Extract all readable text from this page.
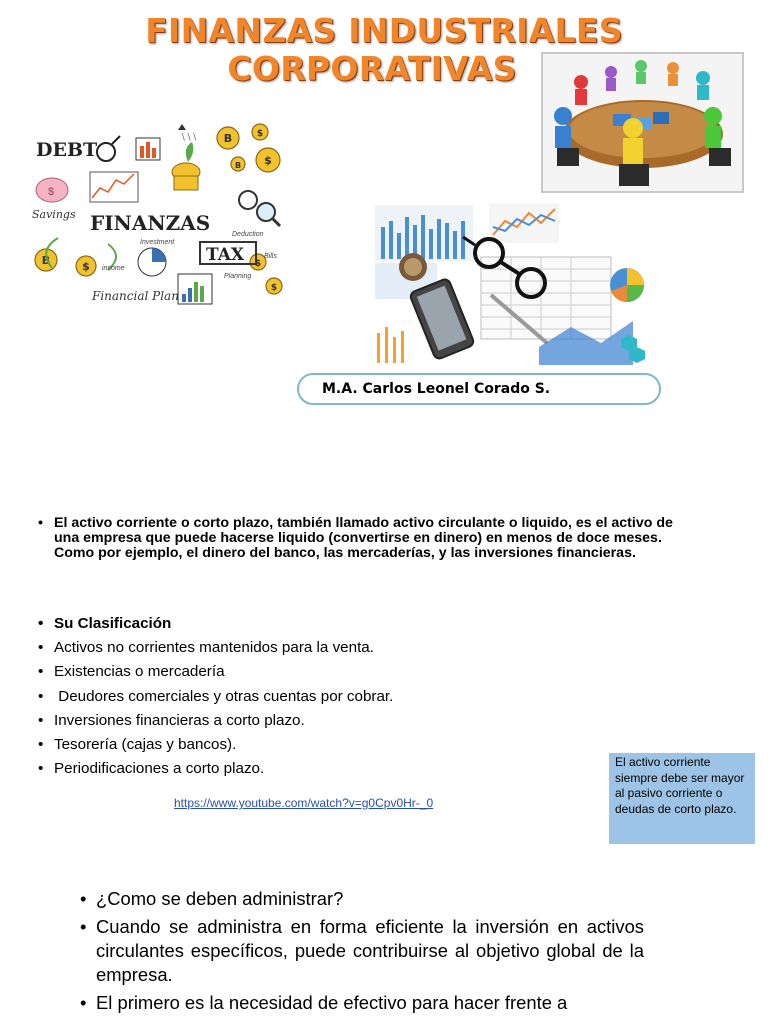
FINANZAS INDUSTRIALES
CORPORATIVAS
DEBT
∖∖∖ B	$
B $
B	$	$
$
$
Savings FINANZAS
income
Investment
TAX
Deduction
Bills
Planning
Financial Plan
M.A. Carlos Leonel Corado S.
• El activo corriente o corto plazo, también llamado activo circulante o liquido, es el activo de una empresa que puede hacerse liquido (convertirse en dinero) en menos de doce meses. Como por ejemplo, el dinero del banco, las mercaderías, y las inversiones financieras.
• Su Clasificación
• Activos no corrientes mantenidos para la venta.
• Existencias o mercadería
•  Deudores comerciales y otras cuentas por cobrar.
• Inversiones financieras a corto plazo.
• Tesorería (cajas y bancos).
• Periodificaciones a corto plazo.
https://www.youtube.com/watch?v=g0Cpv0Hr-_0
El activo corriente siempre debe ser mayor al pasivo corriente o deudas de corto plazo.
• ¿Como se deben administrar?
• Cuando se administra en forma eficiente la inversión en activos circulantes específicos, puede contribuirse al objetivo global de la empresa.
• El primero es la necesidad de efectivo para hacer frente a
